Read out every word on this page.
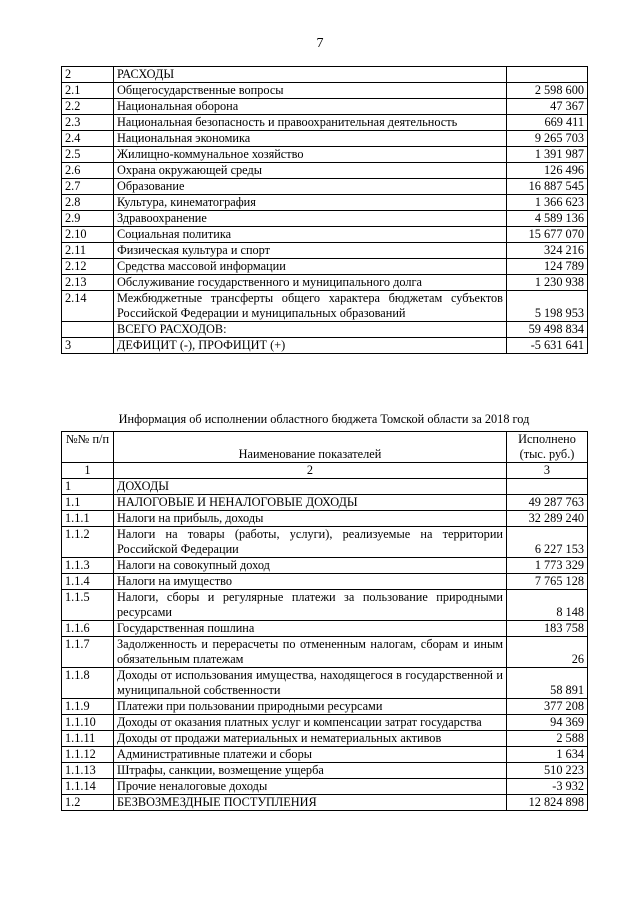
7
2	РАСХОДЫ	
2.1	Общегосударственные вопросы	2 598 600
2.2	Национальная оборона	47 367
2.3	Национальная безопасность и правоохранительная деятельность	669 411
2.4	Национальная экономика	9 265 703
2.5	Жилищно-коммунальное хозяйство	1 391 987
2.6	Охрана окружающей среды	126 496
2.7	Образование	16 887 545
2.8	Культура, кинематография	1 366 623
2.9	Здравоохранение	4 589 136
2.10	Социальная политика	15 677 070
2.11	Физическая культура и спорт	324 216
2.12	Средства массовой информации	124 789
2.13	Обслуживание государственного и муниципального долга	1 230 938
2.14	Межбюджетные трансферты общего характера бюджетам субъектов Российской Федерации и муниципальных образований	5 198 953
	ВСЕГО РАСХОДОВ:	59 498 834
3	ДЕФИЦИТ (-), ПРОФИЦИТ (+)	-5 631 641
Информация об исполнении областного бюджета Томской области за 2018 год
№№ п/п	Наименование показателей	Исполнено (тыс. руб.)
1	2	3
1	ДОХОДЫ	
1.1	НАЛОГОВЫЕ И НЕНАЛОГОВЫЕ ДОХОДЫ	49 287 763
1.1.1	Налоги на прибыль, доходы	32 289 240
1.1.2	Налоги на товары (работы, услуги), реализуемые на территории Российской Федерации	6 227 153
1.1.3	Налоги на совокупный доход	1 773 329
1.1.4	Налоги на имущество	7 765 128
1.1.5	Налоги, сборы и регулярные платежи за пользование природными ресурсами	8 148
1.1.6	Государственная пошлина	183 758
1.1.7	Задолженность и перерасчеты по отмененным налогам, сборам и иным обязательным платежам	26
1.1.8	Доходы от использования имущества, находящегося в государственной и муниципальной собственности	58 891
1.1.9	Платежи при пользовании природными ресурсами	377 208
1.1.10	Доходы от оказания платных услуг и компенсации затрат государства	94 369
1.1.11	Доходы от продажи материальных и нематериальных активов	2 588
1.1.12	Административные платежи и сборы	1 634
1.1.13	Штрафы, санкции, возмещение ущерба	510 223
1.1.14	Прочие неналоговые доходы	-3 932
1.2	БЕЗВОЗМЕЗДНЫЕ ПОСТУПЛЕНИЯ	12 824 898
